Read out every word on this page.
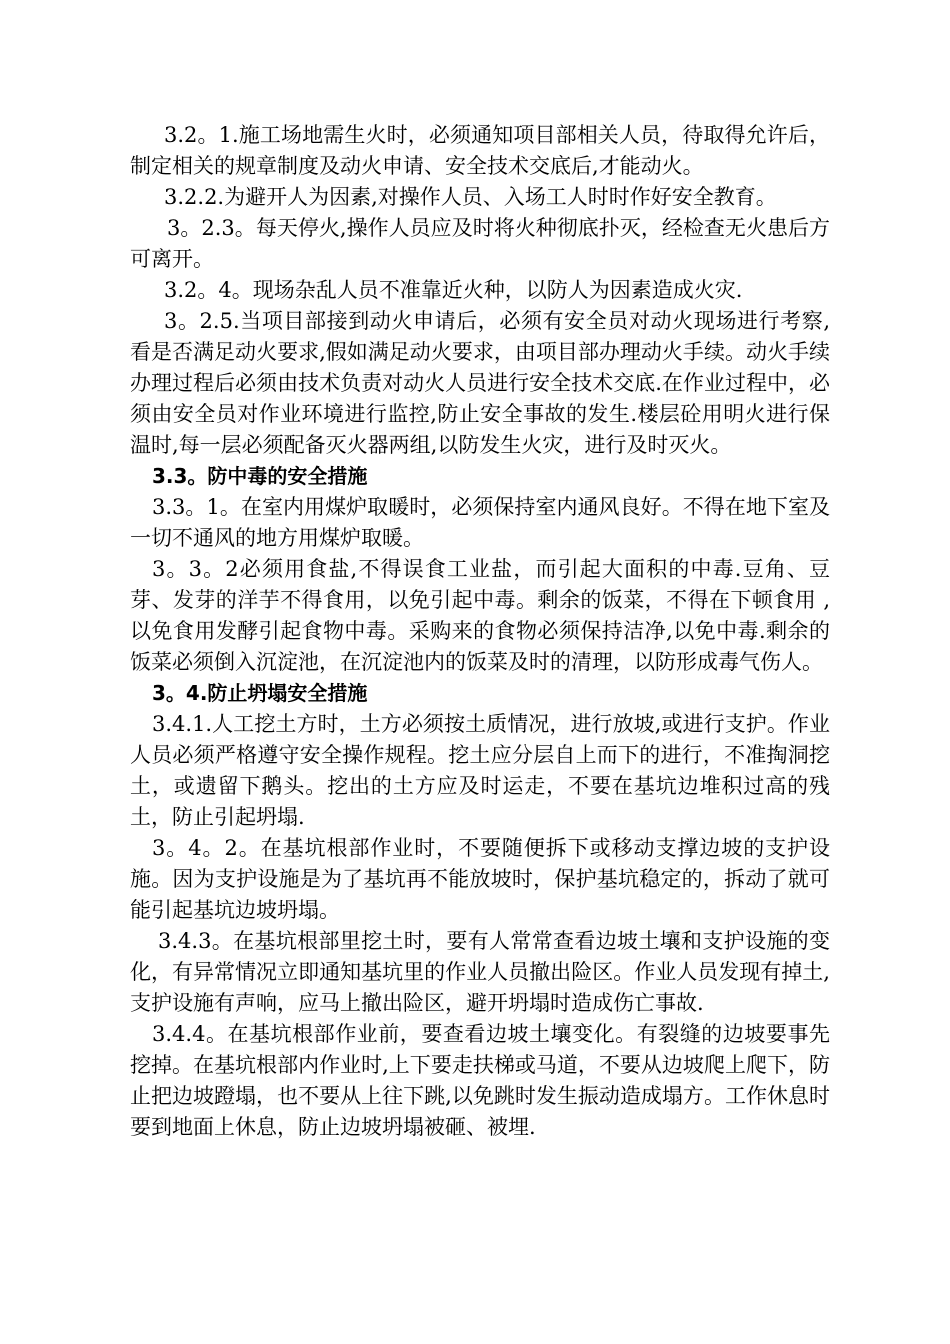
3.2。1.施工场地需生火时，必须通知项目部相关人员，待取得允许后，制定相关的规章制度及动火申请、安全技术交底后,才能动火。

3.2.2.为避开人为因素,对操作人员、入场工人时时作好安全教育。

3。2.3。每天停火,操作人员应及时将火种彻底扑灭，经检查无火患后方可离开。

3.2。4。现场杂乱人员不准靠近火种，以防人为因素造成火灾.

3。2.5.当项目部接到动火申请后，必须有安全员对动火现场进行考察,看是否满足动火要求,假如满足动火要求，由项目部办理动火手续。动火手续办理过程后必须由技术负责对动火人员进行安全技术交底.在作业过程中，必须由安全员对作业环境进行监控,防止安全事故的发生.楼层砼用明火进行保温时,每一层必须配备灭火器两组,以防发生火灾，进行及时灭火。

3.3。防中毒的安全措施

3.3。1。在室内用煤炉取暖时，必须保持室内通风良好。不得在地下室及一切不通风的地方用煤炉取暖。

3。3。2必须用食盐,不得误食工业盐，而引起大面积的中毒.豆角、豆芽、发芽的洋芋不得食用，以免引起中毒。剩余的饭菜，不得在下顿食用 ,以免食用发酵引起食物中毒。采购来的食物必须保持洁净,以免中毒.剩余的饭菜必须倒入沉淀池，在沉淀池内的饭菜及时的清理，以防形成毒气伤人。

3。4.防止坍塌安全措施

3.4.1.人工挖土方时，土方必须按土质情况，进行放坡,或进行支护。作业人员必须严格遵守安全操作规程。挖土应分层自上而下的进行，不准掏洞挖土，或遗留下鹅头。挖出的土方应及时运走，不要在基坑边堆积过高的残土，防止引起坍塌.

3。4。2。在基坑根部作业时，不要随便拆下或移动支撑边坡的支护设施。因为支护设施是为了基坑再不能放坡时，保护基坑稳定的，拆动了就可能引起基坑边坡坍塌。

3.4.3。在基坑根部里挖土时，要有人常常查看边坡土壤和支护设施的变化，有异常情况立即通知基坑里的作业人员撤出险区。作业人员发现有掉土,支护设施有声响，应马上撤出险区，避开坍塌时造成伤亡事故.

3.4.4。在基坑根部作业前，要查看边坡土壤变化。有裂缝的边坡要事先挖掉。在基坑根部内作业时,上下要走扶梯或马道，不要从边坡爬上爬下，防止把边坡蹬塌，也不要从上往下跳,以免跳时发生振动造成塌方。工作休息时要到地面上休息，防止边坡坍塌被砸、被埋.
